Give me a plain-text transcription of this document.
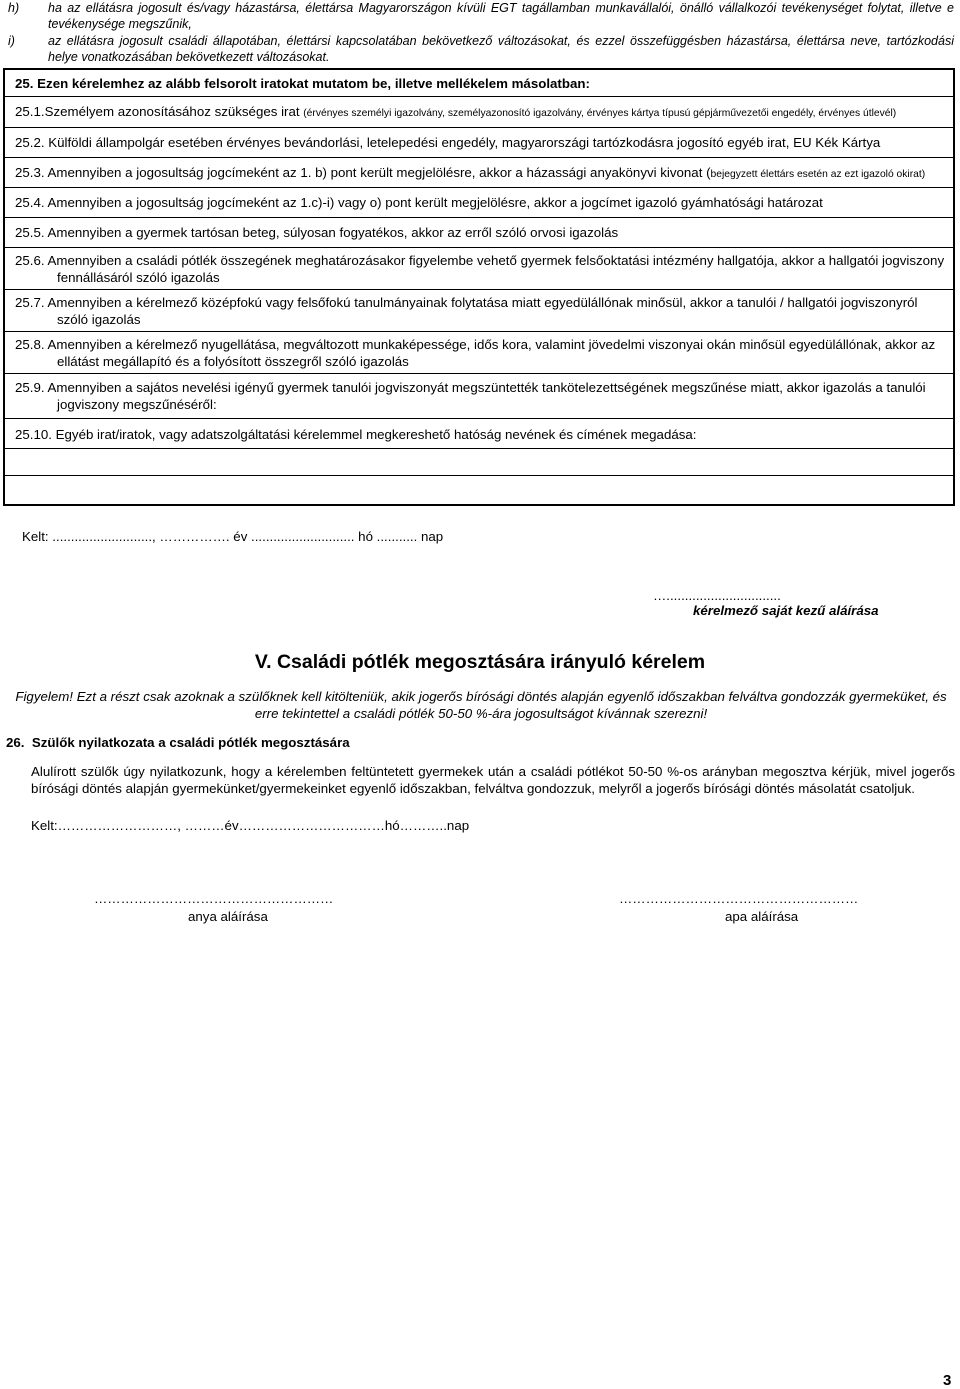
h) ha az ellátásra jogosult és/vagy házastársa, élettársa Magyarországon kívüli EGT tagállamban munkavállalói, önálló vállalkozói tevékenységet folytat, illetve e tevékenysége megszűnik,
i)	az ellátásra jogosult családi állapotában, élettársi kapcsolatában bekövetkező változásokat, és ezzel összefüggésben házastársa, élettársa neve, tartózkodási helye vonatkozásában bekövetkezett változásokat.
25. Ezen kérelemhez az alább felsorolt iratokat mutatom be, illetve mellékelem másolatban:
25.1.Személyem azonosításához szükséges irat (érvényes személyi igazolvány, személyazonosító igazolvány, érvényes kártya típusú gépjárművezetői engedély, érvényes útlevél)
25.2. Külföldi állampolgár esetében érvényes bevándorlási, letelepedési engedély, magyarországi tartózkodásra jogosító egyéb irat, EU Kék Kártya
25.3. Amennyiben a jogosultság jogcímeként az 1. b) pont került megjelölésre, akkor a házassági anyakönyvi kivonat (bejegyzett élettárs esetén az ezt igazoló okirat)
25.4. Amennyiben a jogosultság jogcímeként az 1.c)-i) vagy o) pont került megjelölésre, akkor a jogcímet igazoló gyámhatósági határozat
25.5. Amennyiben a gyermek tartósan beteg, súlyosan fogyatékos, akkor az erről szóló orvosi igazolás
25.6. Amennyiben a családi pótlék összegének meghatározásakor figyelembe vehető gyermek felsőoktatási intézmény hallgatója, akkor a hallgatói jogviszony fennállásáról szóló igazolás
25.7. Amennyiben a kérelmező középfokú vagy felsőfokú tanulmányainak folytatása miatt egyedülállónak minősül, akkor a tanulói / hallgatói jogviszonyról szóló igazolás
25.8. Amennyiben a kérelmező nyugellátása, megváltozott munkaképessége, idős kora, valamint jövedelmi viszonyai okán minősül egyedülállónak, akkor az ellátást megállapító és a folyósított összegről szóló igazolás
25.9. Amennyiben a sajátos nevelési igényű gyermek tanulói jogviszonyát megszüntették tankötelezettségének megszűnése miatt, akkor igazolás a tanulói jogviszony megszűnéséről:
25.10. Egyéb irat/iratok, vagy adatszolgáltatási kérelemmel megkereshető hatóság nevének és címének megadása:
Kelt: ..........................., ……………. év ............................ hó ........... nap
…...............................
kérelmező saját kezű aláírása
V. Családi pótlék megosztására irányuló kérelem
Figyelem! Ezt a részt csak azoknak a szülőknek kell kitölteniük, akik jogerős bírósági döntés alapján egyenlő időszakban felváltva gondozzák gyermeküket, és erre tekintettel a családi pótlék 50-50 %-ára jogosultságot kívánnak szerezni!
26.  Szülők nyilatkozata a családi pótlék megosztására
Alulírott szülők úgy nyilatkozunk, hogy a kérelemben feltüntetett gyermekek után a családi pótlékot 50-50 %-os arányban megosztva kérjük, mivel jogerős bírósági döntés alapján gyermekünket/gyermekeinket egyenlő időszakban, felváltva gondozzuk, melyről a jogerős bírósági döntés másolatát csatoljuk.
Kelt:………………………, ………év……………………………hó………..nap
………………………………………………
anya aláírása
………………………………………………
apa aláírása
3
